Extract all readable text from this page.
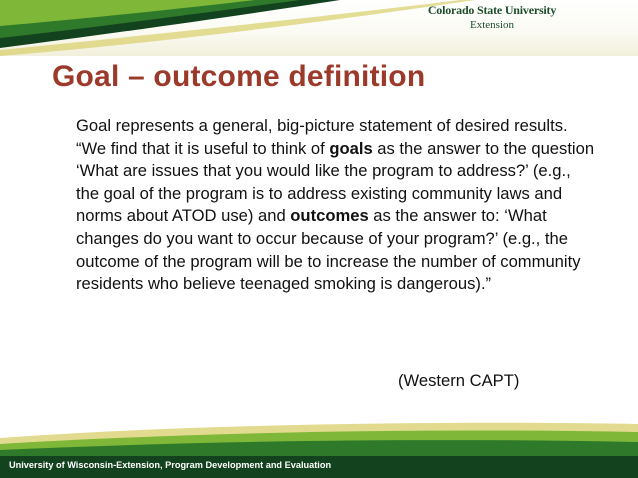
Colorado State University
Extension
Goal – outcome definition

Goal represents a general, big-picture statement of desired results. “We find that it is useful to think of goals as the answer to the question ‘What are issues that you would like the program to address?’ (e.g., the goal of the program is to address existing community laws and norms about ATOD use) and outcomes as the answer to: ‘What changes do you want to occur because of your program?’ (e.g., the outcome of the program will be to increase the number of community residents who believe teenaged smoking is dangerous).”

(Western CAPT)

University of Wisconsin-Extension, Program Development and Evaluation
